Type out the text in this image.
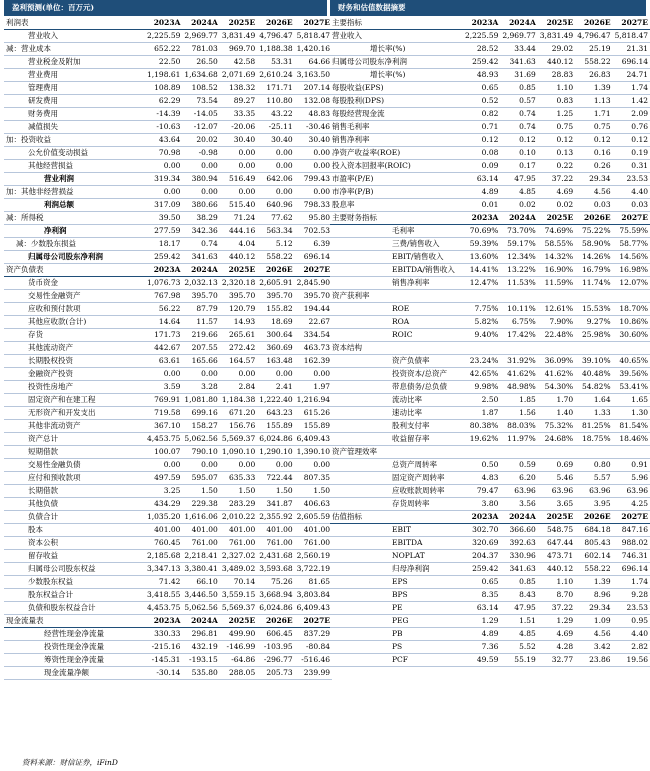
盈利预测(单位：百万元)	财务和估值数据摘要
利润表	2023A	2024A	2025E	2026E	2027E
营业收入	2,225.59	2,969.77	3,831.49	4,796.47	5,818.47
减：营业成本	652.22	781.03	969.70	1,188.38	1,420.16
营业税金及附加	22.50	26.50	42.58	53.31	64.66
营业费用	1,198.61	1,634.68	2,071.69	2,610.24	3,163.50
管理费用	108.89	108.52	138.32	171.71	207.14
研发费用	62.29	73.54	89.27	110.80	132.08
财务费用	-14.39	-14.05	33.35	43.22	48.83
减值损失	-10.63	-12.07	-20.06	-25.11	-30.46
加：投资收益	43.64	20.02	30.40	30.40	30.40
公允价值变动损益	70.98	-0.98	0.00	0.00	0.00
其他经营损益	0.00	0.00	0.00	0.00	0.00
营业利润	319.34	380.94	516.49	642.06	799.43
加：其他非经营损益	0.00	0.00	0.00	0.00	0.00
利润总额	317.09	380.66	515.40	640.96	798.33
减：所得税	39.50	38.29	71.24	77.62	95.80
净利润	277.59	342.36	444.16	563.34	702.53
减：少数股东损益	18.17	0.74	4.04	5.12	6.39
归属母公司股东净利润	259.42	341.63	440.12	558.22	696.14
资产负债表	2023A	2024A	2025E	2026E	2027E
货币资金	1,076.73	2,032.13	2,320.18	2,605.91	2,845.90
交易性金融资产	767.98	395.70	395.70	395.70	395.70
应收和预付款项	56.22	87.79	120.79	155.82	194.44
其他应收款(合计)	14.64	11.57	14.93	18.69	22.67
存货	171.73	219.66	265.61	300.64	334.54
其他流动资产	442.67	207.55	272.42	360.69	463.73
长期股权投资	63.61	165.66	164.57	163.48	162.39
金融资产投资	0.00	0.00	0.00	0.00	0.00
投资性房地产	3.59	3.28	2.84	2.41	1.97
固定资产和在建工程	769.91	1,081.80	1,184.38	1,222.40	1,216.94
无形资产和开发支出	719.58	699.16	671.20	643.23	615.26
其他非流动资产	367.10	158.27	156.76	155.89	155.89
资产总计	4,453.75	5,062.56	5,569.37	6,024.86	6,409.43
短期借款	100.07	790.10	1,090.10	1,290.10	1,390.10
交易性金融负债	0.00	0.00	0.00	0.00	0.00
应付和预收款项	497.59	595.07	635.33	722.44	807.35
长期借款	3.25	1.50	1.50	1.50	1.50
其他负债	434.29	229.38	283.29	341.87	406.63
负债合计	1,035.20	1,616.06	2,010.22	2,355.92	2,605.59
股本	401.00	401.00	401.00	401.00	401.00
资本公积	760.45	761.00	761.00	761.00	761.00
留存收益	2,185.68	2,218.41	2,327.02	2,431.68	2,560.19
归属母公司股东权益	3,347.13	3,380.41	3,489.02	3,593.68	3,722.19
少数股东权益	71.42	66.10	70.14	75.26	81.65
股东权益合计	3,418.55	3,446.50	3,559.15	3,668.94	3,803.84
负债和股东权益合计	4,453.75	5,062.56	5,569.37	6,024.86	6,409.43
现金流量表	2023A	2024A	2025E	2026E	2027E
经营性现金净流量	330.33	296.81	499.90	606.45	837.29
投资性现金净流量	-215.16	432.19	-146.99	-103.95	-80.84
筹资性现金净流量	-145.31	-193.15	-64.86	-296.77	-516.46
现金流量净额	-30.14	535.80	288.05	205.73	239.99
主要指标	2023A	2024A	2025E	2026E	2027E
营业收入	2,225.59	2,969.77	3,831.49	4,796.47	5,818.47
增长率(%)	28.52	33.44	29.02	25.19	21.31
归属母公司股东净利润	259.42	341.63	440.12	558.22	696.14
增长率(%)	48.93	31.69	28.83	26.83	24.71
每股收益(EPS)	0.65	0.85	1.10	1.39	1.74
每股股利(DPS)	0.52	0.57	0.83	1.13	1.42
每股经营现金流	0.82	0.74	1.25	1.71	2.09
销售毛利率	0.71	0.74	0.75	0.75	0.76
销售净利率	0.12	0.12	0.12	0.12	0.12
净资产收益率(ROE)	0.08	0.10	0.13	0.16	0.19
投入资本回报率(ROIC)	0.09	0.17	0.22	0.26	0.31
市盈率(P/E)	63.14	47.95	37.22	29.34	23.53
市净率(P/B)	4.89	4.85	4.69	4.56	4.40
股息率	0.01	0.02	0.02	0.03	0.03
主要财务指标	2023A	2024A	2025E	2026E	2027E
毛利率	70.69%	73.70%	74.69%	75.22%	75.59%
三费/销售收入	59.39%	59.17%	58.55%	58.90%	58.77%
EBIT/销售收入	13.60%	12.34%	14.32%	14.26%	14.56%
EBITDA/销售收入	14.41%	13.22%	16.90%	16.79%	16.98%
销售净利率	12.47%	11.53%	11.59%	11.74%	12.07%
资产获利率					
ROE	7.75%	10.11%	12.61%	15.53%	18.70%
ROA	5.82%	6.75%	7.90%	9.27%	10.86%
ROIC	9.40%	17.42%	22.48%	25.98%	30.60%
资本结构					
资产负债率	23.24%	31.92%	36.09%	39.10%	40.65%
投资资本/总资产	42.65%	41.62%	41.62%	40.48%	39.56%
带息债务/总负债	9.98%	48.98%	54.30%	54.82%	53.41%
流动比率	2.50	1.85	1.70	1.64	1.65
速动比率	1.87	1.56	1.40	1.33	1.30
股利支付率	80.38%	88.03%	75.32%	81.25%	81.54%
收益留存率	19.62%	11.97%	24.68%	18.75%	18.46%
资产管理效率					
总资产周转率	0.50	0.59	0.69	0.80	0.91
固定资产周转率	4.83	6.20	5.46	5.57	5.96
应收账款周转率	79.47	63.96	63.96	63.96	63.96
存货周转率	3.80	3.56	3.65	3.95	4.25
估值指标	2023A	2024A	2025E	2026E	2027E
EBIT	302.70	366.60	548.75	684.18	847.16
EBITDA	320.69	392.63	647.44	805.43	988.02
NOPLAT	204.37	330.96	473.71	602.14	746.31
归母净利润	259.42	341.63	440.12	558.22	696.14
EPS	0.65	0.85	1.10	1.39	1.74
BPS	8.35	8.43	8.70	8.96	9.28
PE	63.14	47.95	37.22	29.34	23.53
PEG	1.29	1.51	1.29	1.09	0.95
PB	4.89	4.85	4.69	4.56	4.40
PS	7.36	5.52	4.28	3.42	2.82
PCF	49.59	55.19	32.77	23.86	19.56
资料来源：财信证券，iFinD
